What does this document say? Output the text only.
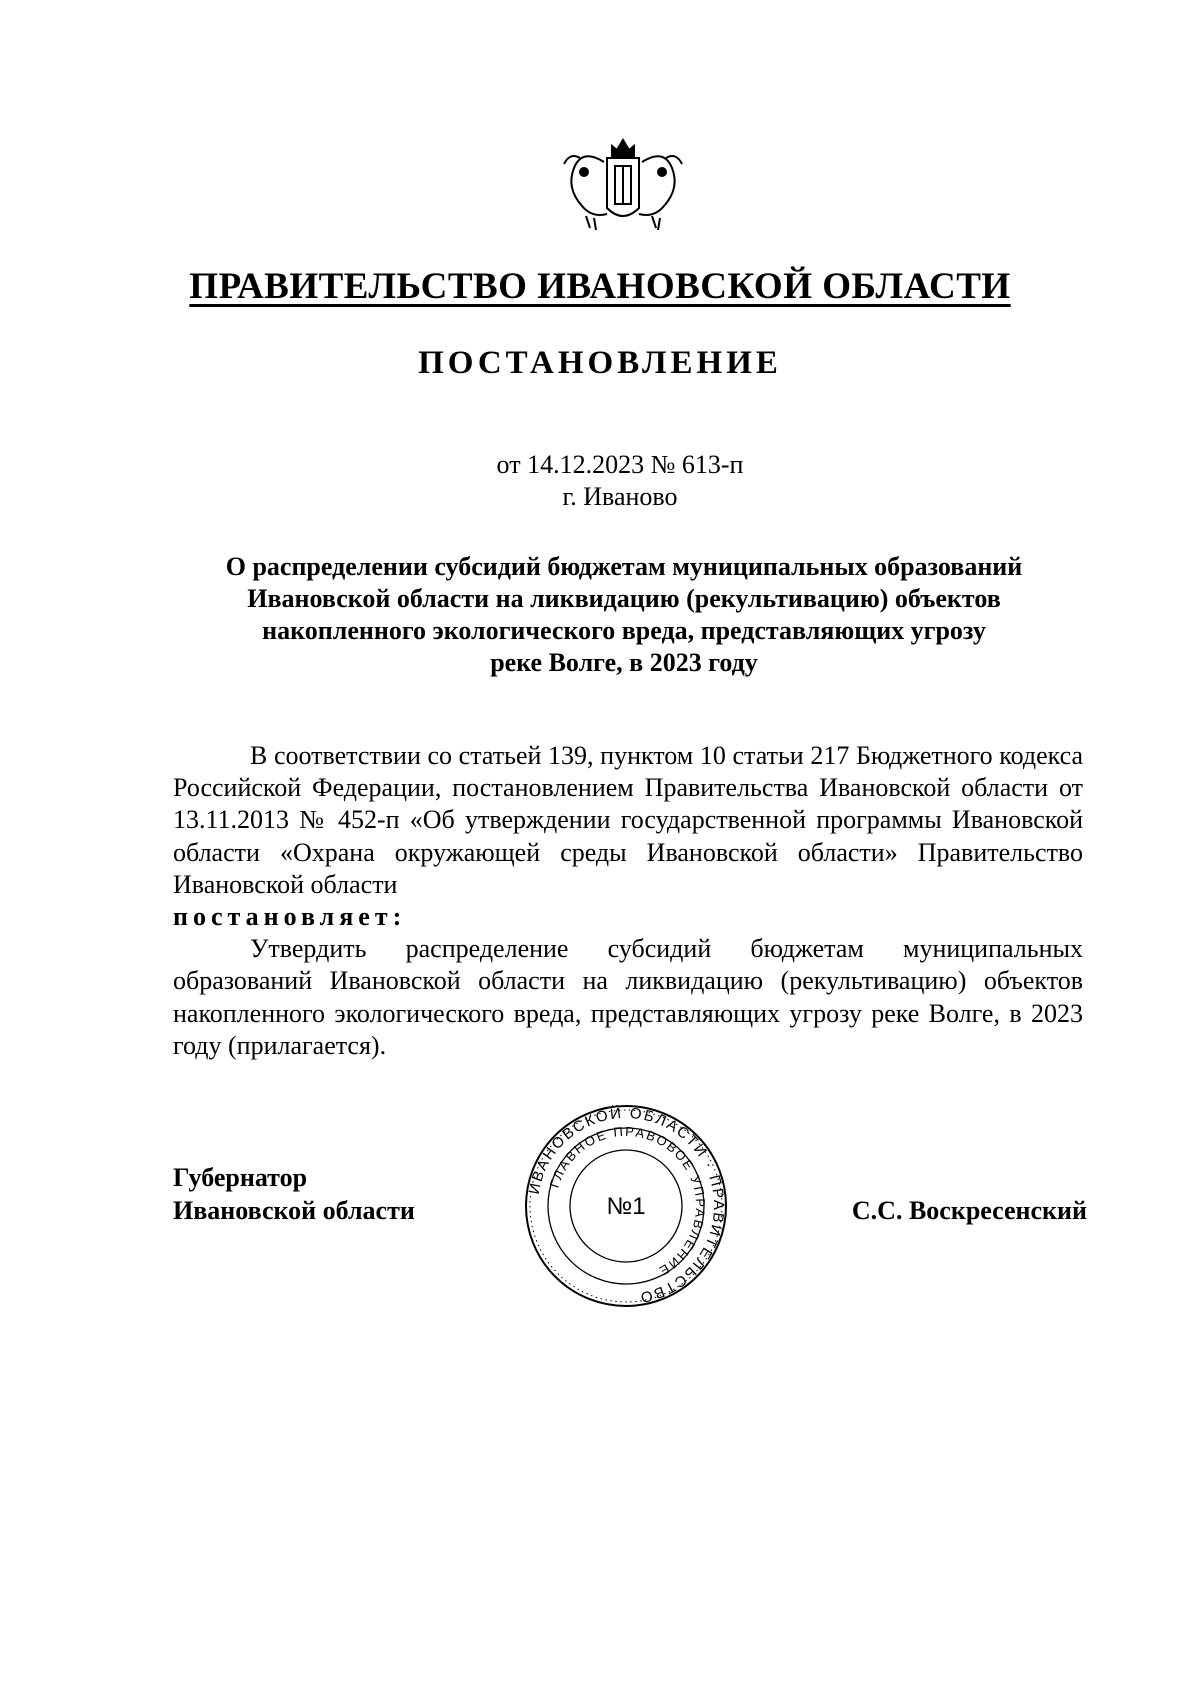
ПРАВИТЕЛЬСТВО ИВАНОВСКОЙ ОБЛАСТИ
ПОСТАНОВЛЕНИЕ
от 14.12.2023 № 613-п
г. Иваново
О распределении субсидий бюджетам муниципальных образований
Ивановской области на ликвидацию (рекультивацию) объектов
накопленного экологического вреда, представляющих угрозу
реке Волге, в 2023 году

В соответствии со статьей 139, пунктом 10 статьи 217 Бюджетного кодекса Российской Федерации, постановлением Правительства Ивановской области от 13.11.2013 № 452-п «Об утверждении государственной программы Ивановской области «Охрана окружающей среды Ивановской области» Правительство Ивановской области
постановляет:

Утвердить распределение субсидий бюджетам муниципальных образований Ивановской области на ликвидацию (рекультивацию) объектов накопленного экологического вреда, представляющих угрозу реке Волге, в 2023 году (прилагается).

Губернатор
Ивановской области
ИВАНОВСКОЙ ОБЛАСТИ · ПРАВИТЕЛЬСТВО
ГЛАВНОЕ ПРАВОВОЕ УПРАВЛЕНИЕ
№1	С.С. Воскресенский
